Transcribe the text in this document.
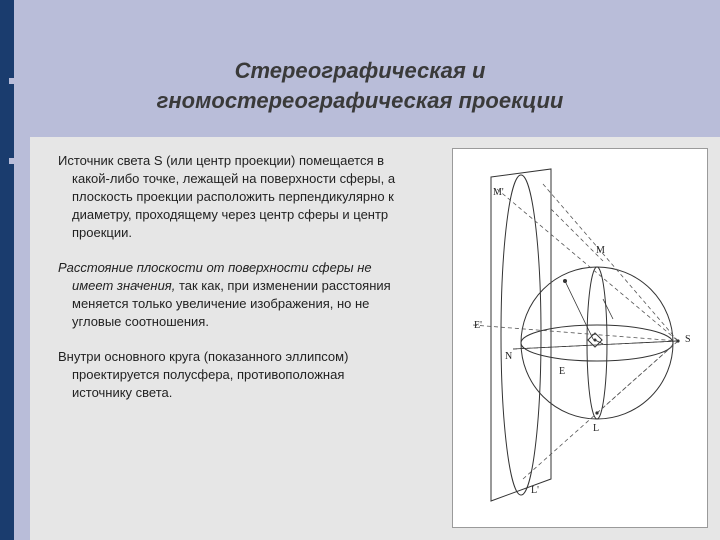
Стереографическая и
гномостереографическая проекции

Источник света S (или центр проекции) помещается в какой-либо точке, лежащей на поверхности сферы, а плоскость проекции расположить перпендикулярно к диаметру, проходящему через центр сферы и центр проекции.

Расстояние плоскости от поверхности сферы не имеет значения, так как, при изменении расстояния меняется только увеличение изображения, но не угловые соотношения.

Внутри основного круга (показанного эллипсом) проектируется полусфера, противоположная источнику света.

M'
M
E'
N
E
S
L
L'
